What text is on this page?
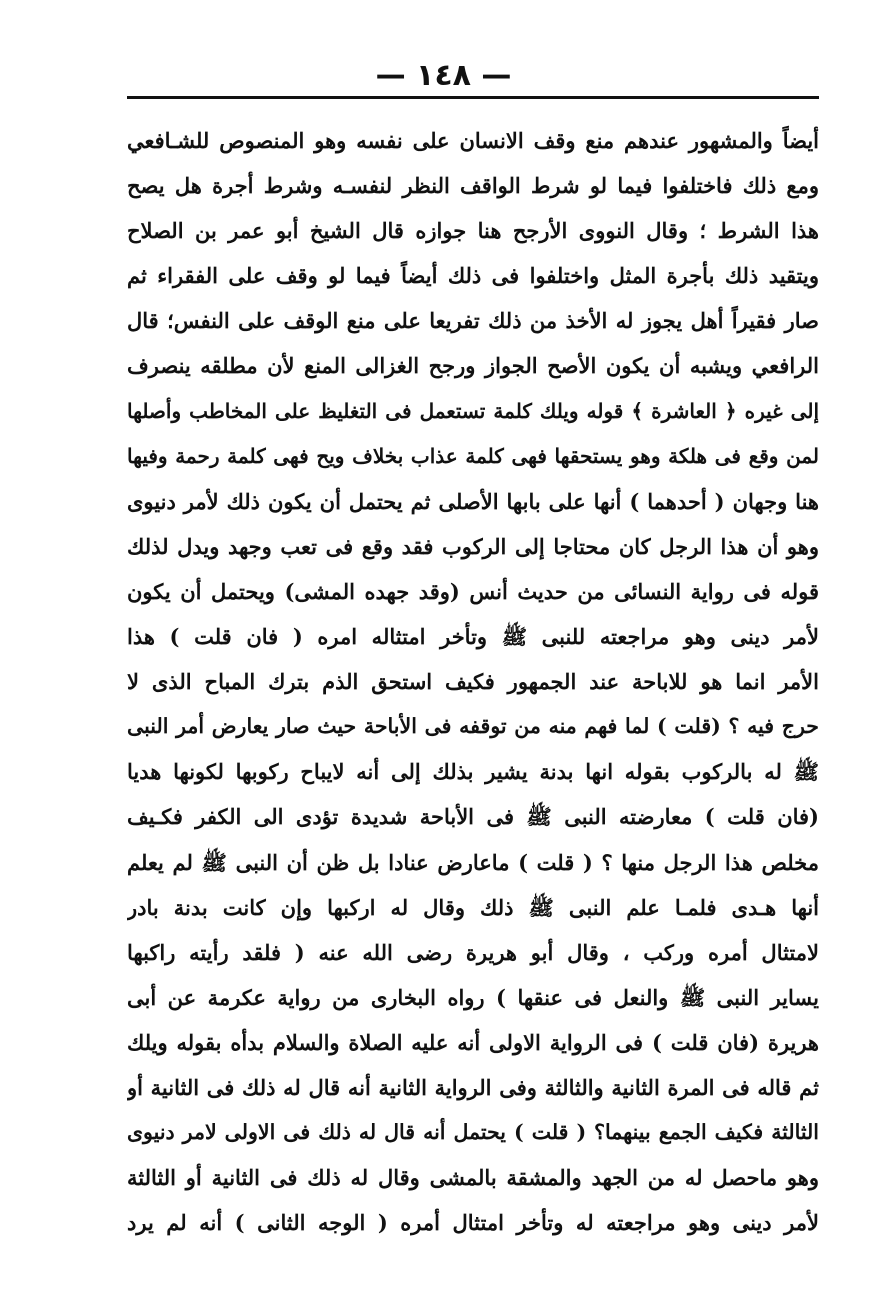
— ١٤٨ —
أيضاً والمشهور عندهم منع وقف الانسان على نفسه وهو المنصوص للشـافعي
ومع ذلك فاختلفوا فيما لو شرط الواقف النظر لنفسـه وشرط أجرة هل يصح
هذا الشرط ؛ وقال النووى الأرجح هنا جوازه قال الشيخ أبو عمر بن الصلاح
ويتقيد ذلك بأجرة المثل واختلفوا فى ذلك أيضاً فيما لو وقف على الفقراء ثم
صار فقيراً أهل يجوز له الأخذ من ذلك تفريعا على منع الوقف على النفس؛ قال
الرافعي ويشبه أن يكون الأصح الجواز ورجح الغزالى المنع لأن مطلقه ينصرف
إلى غيره ﴿ العاشرة ﴾ قوله ويلك كلمة تستعمل فى التغليظ على المخاطب وأصلها
لمن وقع فى هلكة وهو يستحقها فهى كلمة عذاب بخلاف ويح فهى كلمة رحمة وفيها
هنا وجهان ( أحدهما ) أنها على بابها الأصلى ثم يحتمل أن يكون ذلك لأمر دنيوى
وهو أن هذا الرجل كان محتاجا إلى الركوب فقد وقع فى تعب وجهد ويدل لذلك
قوله فى رواية النسائى من حديث أنس (وقد جهده المشى) ويحتمل أن يكون
لأمر دينى وهو مراجعته للنبى ﷺ وتأخر امتثاله امره ( فان قلت ) هذا
الأمر انما هو للاباحة عند الجمهور فكيف استحق الذم بترك المباح الذى لا
حرج فيه ؟ (قلت ) لما فهم منه من توقفه فى الأباحة حيث صار يعارض أمر النبى
ﷺ له بالركوب بقوله انها بدنة يشير بذلك إلى أنه لايباح ركوبها لكونها هديا
(فان قلت ) معارضته النبى ﷺ فى الأباحة شديدة تؤدى الى الكفر فكـيف
مخلص هذا الرجل منها ؟ ( قلت ) ماعارض عنادا بل ظن أن النبى ﷺ لم يعلم
أنها هـدى فلمـا علم النبى ﷺ ذلك وقال له اركبها وإن كانت بدنة بادر
لامتثال أمره وركب ، وقال أبو هريرة رضى الله عنه ( فلقد رأيته راكبها
يساير النبى ﷺ والنعل فى عنقها ) رواه البخارى من رواية عكرمة عن أبى
هريرة (فان قلت ) فى الرواية الاولى أنه عليه الصلاة والسلام بدأه بقوله ويلك
ثم قاله فى المرة الثانية والثالثة وفى الرواية الثانية أنه قال له ذلك فى الثانية أو
الثالثة فكيف الجمع بينهما؟ ( قلت ) يحتمل أنه قال له ذلك فى الاولى لامر دنيوى
وهو ماحصل له من الجهد والمشقة بالمشى وقال له ذلك فى الثانية أو الثالثة
لأمر دينى وهو مراجعته له وتأخر امتثال أمره ( الوجه الثانى ) أنه لم يرد
